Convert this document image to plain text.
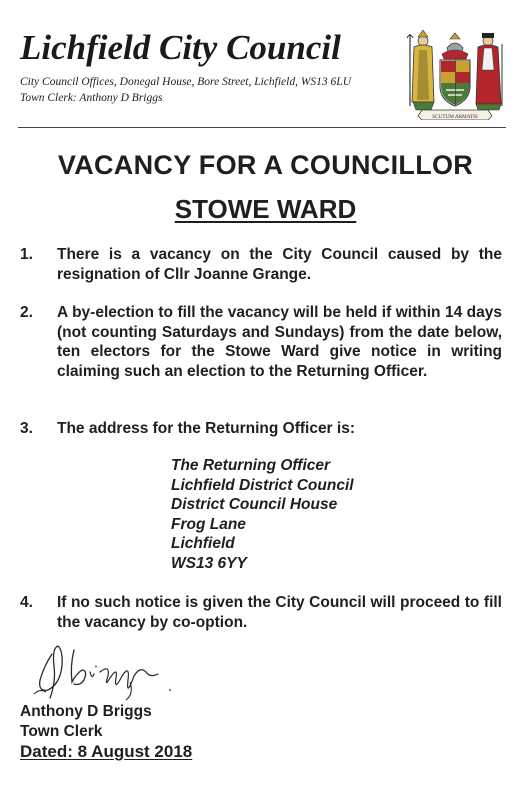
Lichfield City Council

City Council Offices, Donegal House, Bore Street, Lichfield, WS13 6LU

Town Clerk: Anthony D Briggs

SCUTUM ARMATIS
VACANCY FOR A COUNCILLOR
STOWE WARD
1.	There is a vacancy on the City Council caused by the resignation of Cllr Joanne Grange.
2.	A by-election to fill the vacancy will be held if within 14 days (not counting Saturdays and Sundays) from the date below, ten electors for the Stowe Ward give notice in writing claiming such an election to the Returning Officer.
3.	The address for the Returning Officer is:
The Returning Officer
Lichfield District Council
District Council House
Frog Lane
Lichfield
WS13 6YY
4.	If no such notice is given the City Council will proceed to fill the vacancy by co-option.
Anthony D Briggs
Town Clerk
Dated: 8 August 2018
